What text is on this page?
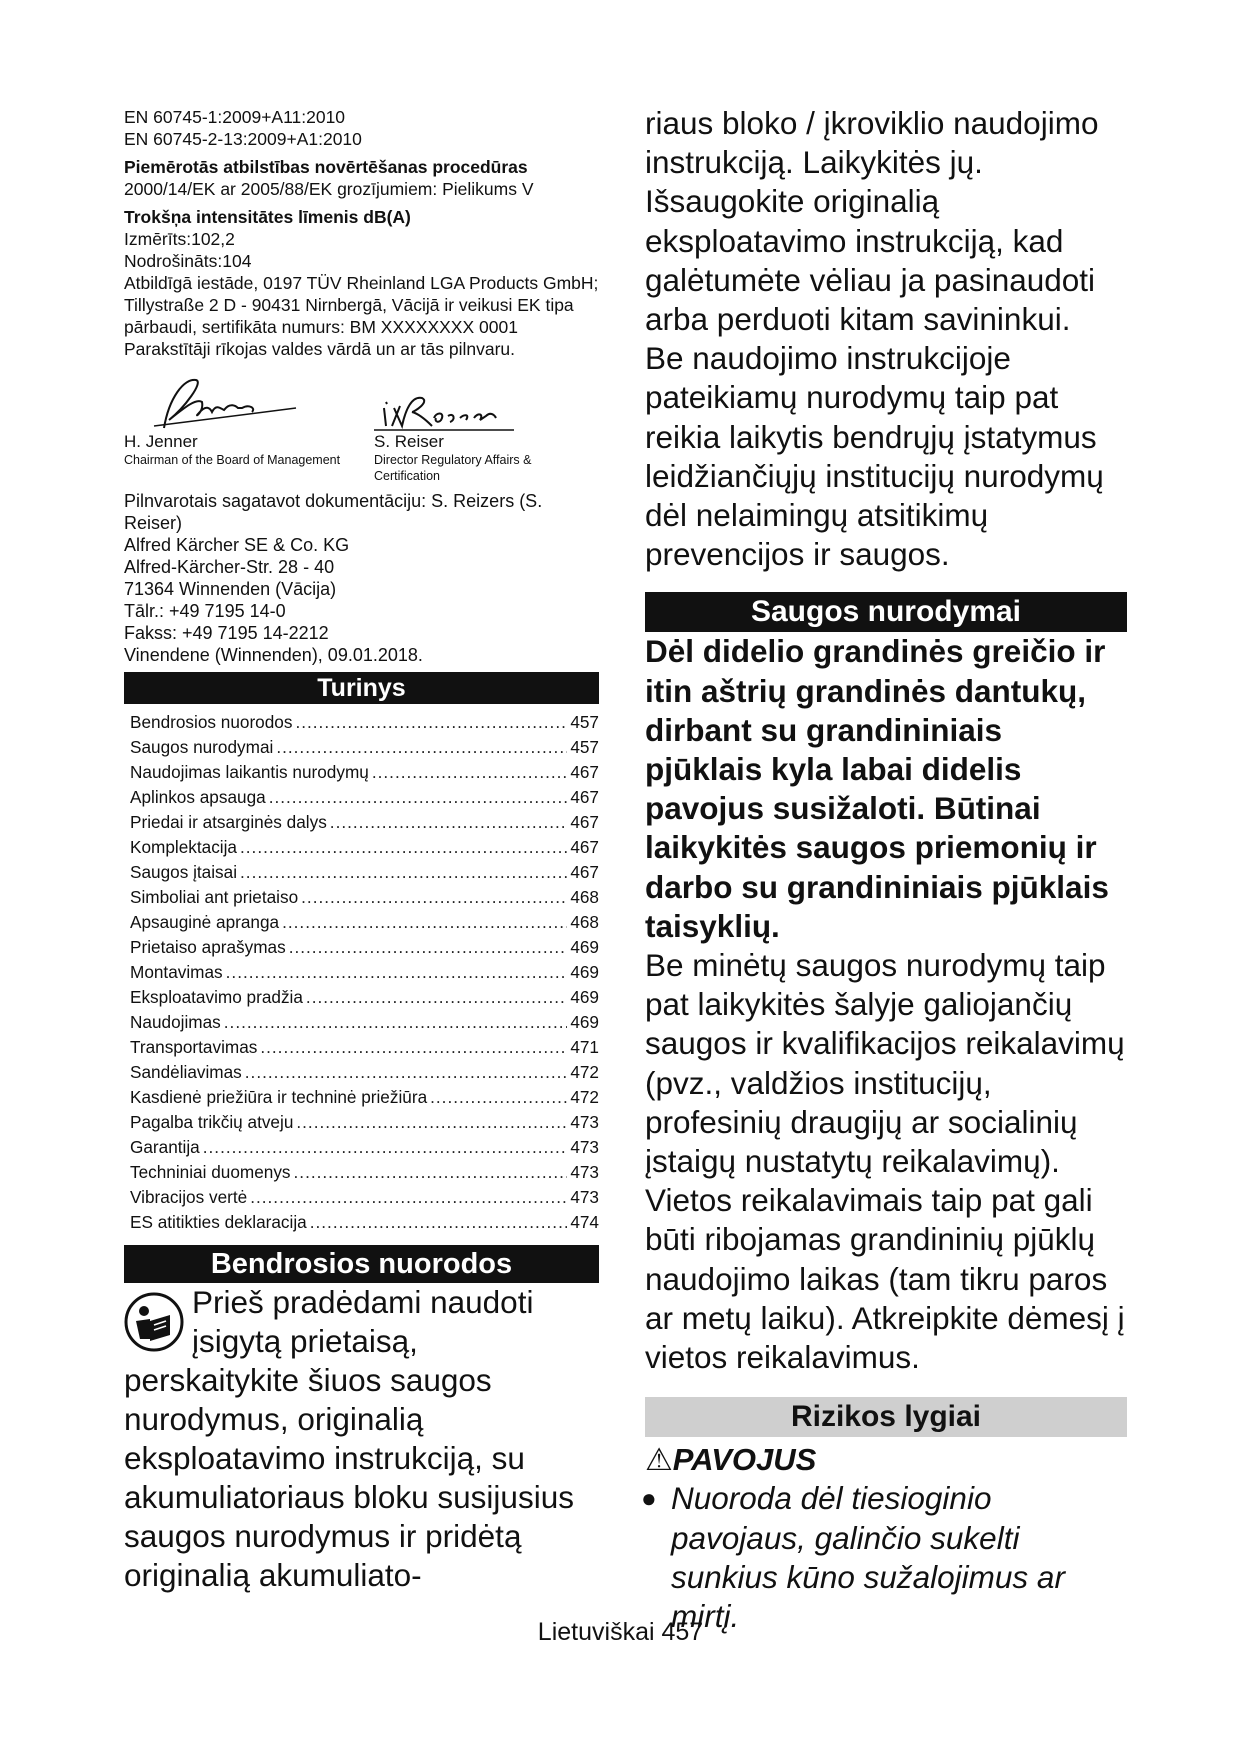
EN 60745-1:2009+A11:2010

EN 60745-2-13:2009+A1:2010

Piemērotās atbilstības novērtēšanas procedūras

2000/14/EK ar 2005/88/EK grozījumiem: Pielikums V

Trokšņa intensitātes līmenis dB(A)

Izmērīts:102,2

Nodrošināts:104

Atbildīgā iestāde, 0197 TÜV Rheinland LGA Products GmbH; Tillystraße 2 D - 90431 Nirnbergā, Vācijā ir veikusi EK tipa pārbaudi, sertifikāta numurs: BM XXXXXXXX 0001

Parakstītāji rīkojas valdes vārdā un ar tās pilnvaru.

H. Jenner
Chairman of the Board of Management
S. Reiser
Director Regulatory Affairs & Certification

Pilnvarotais sagatavot dokumentāciju: S. Reizers (S. Reiser)

Alfred Kärcher SE & Co. KG

Alfred-Kärcher-Str. 28 - 40

71364 Winnenden (Vācija)

Tālr.: +49 7195 14-0

Fakss: +49 7195 14-2212

Vinendene (Winnenden), 09.01.2018.

Turinys
Bendrosios nuorodos .....	457
Saugos nurodymai .....	457
Naudojimas laikantis nurodymų .....	467
Aplinkos apsauga .....	467
Priedai ir atsarginės dalys .....	467
Komplektacija .....	467
Saugos įtaisai .....	467
Simboliai ant prietaiso .....	468
Apsauginė apranga .....	468
Prietaiso aprašymas .....	469
Montavimas .....	469
Eksploatavimo pradžia .....	469
Naudojimas .....	469
Transportavimas .....	471
Sandėliavimas .....	472
Kasdienė priežiūra ir techninė priežiūra .....	472
Pagalba trikčių atveju .....	473
Garantija .....	473
Techniniai duomenys .....	473
Vibracijos vertė .....	473
ES atitikties deklaracija .....	474
Bendrosios nuorodos
Prieš pradėdami naudoti įsigytą prietaisą, perskaitykite šiuos saugos nurodymus, originalią eksploatavimo instrukciją, su akumuliatoriaus bloku susijusius saugos nurodymus ir pridėtą originalią akumuliato-

riaus bloko / įkroviklio naudojimo instrukciją. Laikykitės jų. Išsaugokite originalią eksploatavimo instrukciją, kad galėtumėte vėliau ja pasinaudoti arba perduoti kitam savininkui.

Be naudojimo instrukcijoje pateikiamų nurodymų taip pat reikia laikytis bendrųjų įstatymus leidžiančiųjų institucijų nurodymų dėl nelaimingų atsitikimų prevencijos ir saugos.

Saugos nurodymai

Dėl didelio grandinės greičio ir itin aštrių grandinės dantukų, dirbant su grandininiais pjūklais kyla labai didelis pavojus susižaloti. Būtinai laikykitės saugos priemonių ir darbo su grandininiais pjūklais taisyklių.

Be minėtų saugos nurodymų taip pat laikykitės šalyje galiojančių saugos ir kvalifikacijos reikalavimų (pvz., valdžios institucijų, profesinių draugijų ar socialinių įstaigų nustatytų reikalavimų). Vietos reikalavimais taip pat gali būti ribojamas grandininių pjūklų naudojimo laikas (tam tikru paros ar metų laiku). Atkreipkite dėmesį į vietos reikalavimus.

Rizikos lygiai
⚠PAVOJUS
● Nuoroda dėl tiesioginio pavojaus, galinčio sukelti sunkius kūno sužalojimus ar mirtį.
Lietuviškai 457
